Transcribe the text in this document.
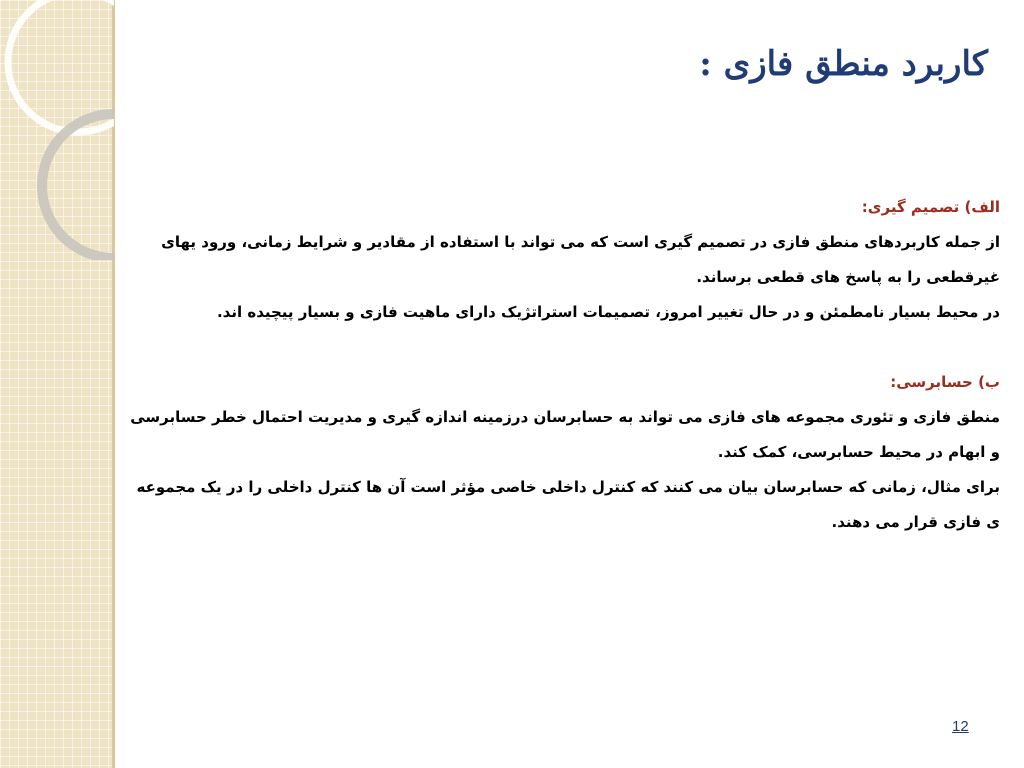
کاربرد منطق فازی :

الف) تصمیم گیری:

از جمله کاربردهای منطق فازی در تصمیم گیری است که می تواند با استفاده از مقادیر و شرایط زمانی، ورود یهای غیرقطعی را به پاسخ های قطعی برساند.

در محیط بسیار نامطمئن و در حال تغییر امروز، تصمیمات استراتژیک دارای ماهیت فازی و بسیار پیچیده اند.

ب) حسابرسی:

منطق فازی و تئوری مجموعه های فازی می تواند به حسابرسان درزمینه اندازه گیری و مدیریت احتمال خطر حسابرسی و ابهام در محیط حسابرسی، کمک کند.

برای مثال، زمانی که حسابرسان بیان می کنند که کنترل داخلی خاصی مؤثر است آن ها کنترل داخلی را در یک مجموعه ی فازی قرار می دهند.

12
